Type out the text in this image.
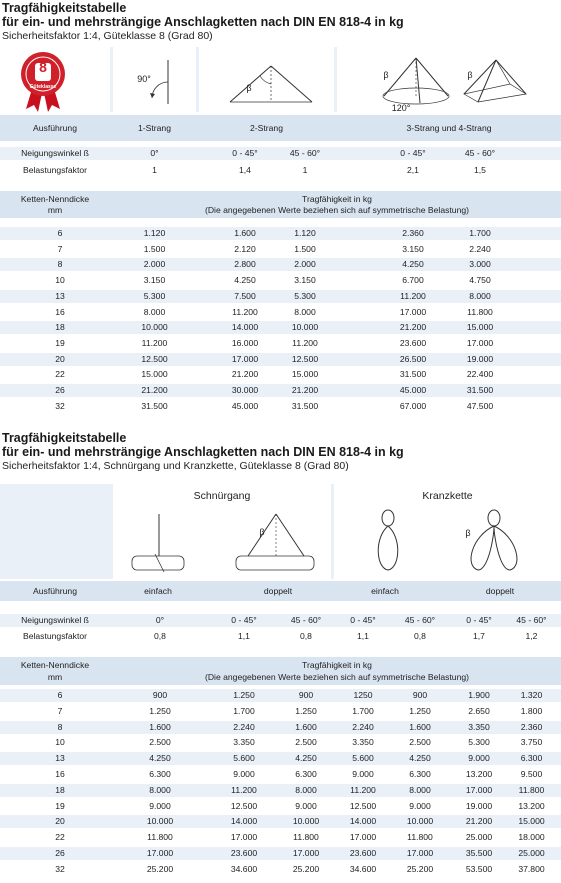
Tragfähigkeitstabelle
für ein- und mehrsträngige Anschlagketten nach DIN EN 818-4 in kg
Sicherheitsfaktor 1:4, Güteklasse 8 (Grad 80)
8
Güteklasse
90°
β
β	β
120°
Ausführung	1-Strang	2-Strang	3-Strang und 4-Strang
Neigungswinkel ß	0°	0 - 45°	45 - 60°	0 - 45°	45 - 60°
Belastungsfaktor	1	1,4	1	2,1	1,5
Ketten-Nenndicke
mm
Tragfähigkeit in kg
(Die angegebenen Werte beziehen sich auf symmetrische Belastung)
6	1.120	1.600	1.120	2.360	1.700
7	1.500	2.120	1.500	3.150	2.240
8	2.000	2.800	2.000	4.250	3.000
10	3.150	4.250	3.150	6.700	4.750
13	5.300	7.500	5.300	11.200	8.000
16	8.000	11.200	8.000	17.000	11.800
18	10.000	14.000	10.000	21.200	15.000
19	11.200	16.000	11.200	23.600	17.000
20	12.500	17.000	12.500	26.500	19.000
22	15.000	21.200	15.000	31.500	22.400
26	21.200	30.000	21.200	45.000	31.500
32	31.500	45.000	31.500	67.000	47.500
Tragfähigkeitstabelle
für ein- und mehrsträngige Anschlagketten nach DIN EN 818-4 in kg
Sicherheitsfaktor 1:4, Schnürgang und Kranzkette, Güteklasse 8 (Grad 80)
Schnürgang	Kranzkette
β	β
Ausführung	einfach	doppelt	einfach	doppelt
Neigungswinkel ß	0°	0 - 45°	45 - 60°	0 - 45°	45 - 60°	0 - 45°	45 - 60°
Belastungsfaktor	0,8	1,1	0,8	1,1	0,8	1,7	1,2
Ketten-Nenndicke
mm
Tragfähigkeit in kg
(Die angegebenen Werte beziehen sich auf symmetrische Belastung)
6	900	1.250	900	1250	900	1.900	1.320
7	1.250	1.700	1.250	1.700	1.250	2.650	1.800
8	1.600	2.240	1.600	2.240	1.600	3.350	2.360
10	2.500	3.350	2.500	3.350	2.500	5.300	3.750
13	4.250	5.600	4.250	5.600	4.250	9.000	6.300
16	6.300	9.000	6.300	9.000	6.300	13.200	9.500
18	8.000	11.200	8.000	11.200	8.000	17.000	11.800
19	9.000	12.500	9.000	12.500	9.000	19.000	13.200
20	10.000	14.000	10.000	14.000	10.000	21.200	15.000
22	11.800	17.000	11.800	17.000	11.800	25.000	18.000
26	17.000	23.600	17.000	23.600	17.000	35.500	25.000
32	25.200	34.600	25.200	34.600	25.200	53.500	37.800
